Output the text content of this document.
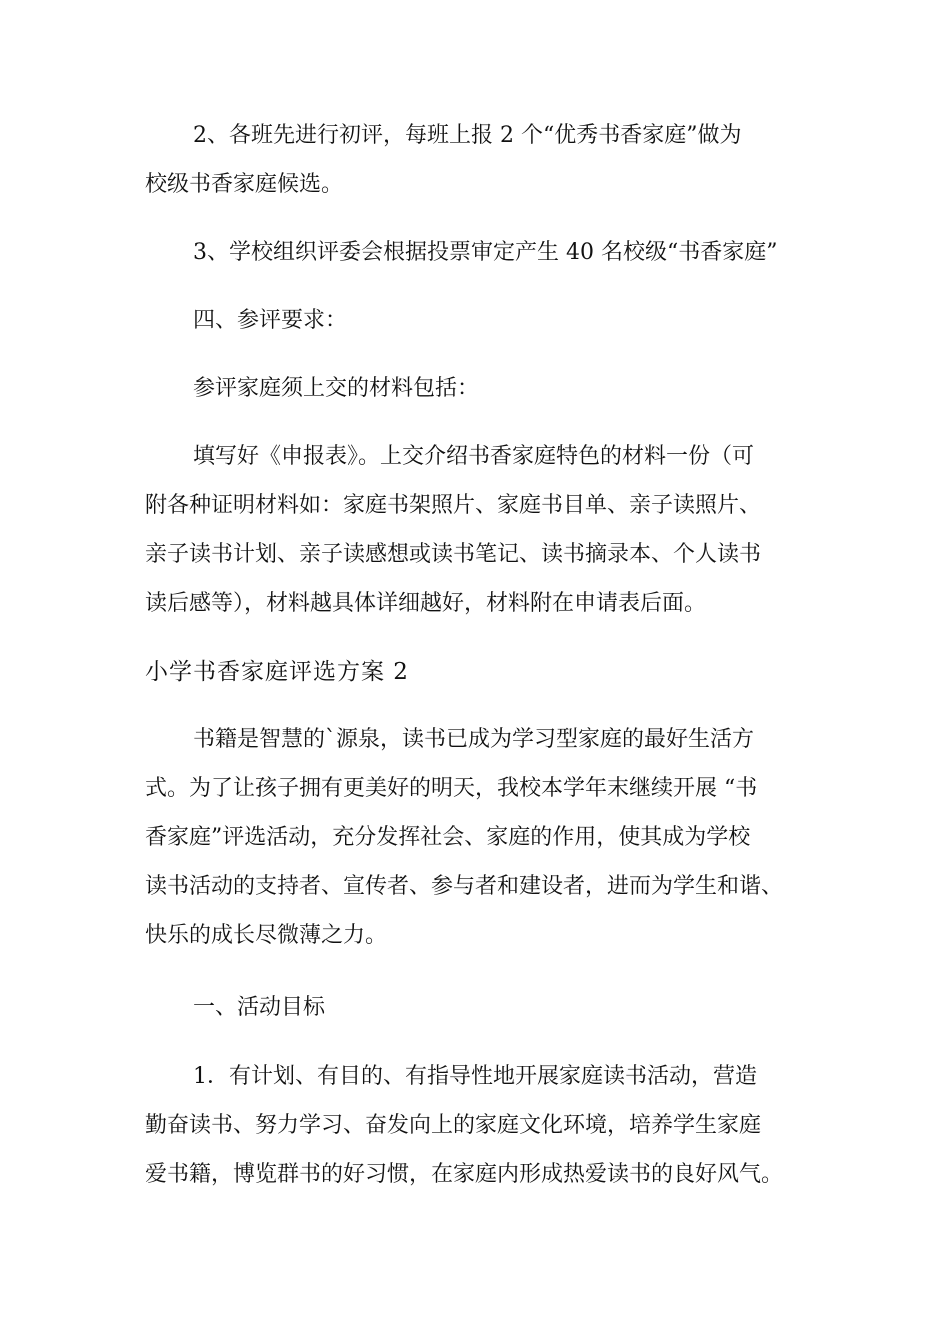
2、各班先进行初评，每班上报 2 个“优秀书香家庭”做为
校级书香家庭候选。
3、学校组织评委会根据投票审定产生 40 名校级“书香家庭”
四、参评要求：
参评家庭须上交的材料包括：
填写好《申报表》。上交介绍书香家庭特色的材料一份（可
附各种证明材料如：家庭书架照片、家庭书目单、亲子读照片、
亲子读书计划、亲子读感想或读书笔记、读书摘录本、个人读书
读后感等），材料越具体详细越好，材料附在申请表后面。
小学书香家庭评选方案 2
书籍是智慧的`源泉，读书已成为学习型家庭的最好生活方
式。为了让孩子拥有更美好的明天，我校本学年末继续开展 “书
香家庭”评选活动，充分发挥社会、家庭的作用，使其成为学校
读书活动的支持者、宣传者、参与者和建设者，进而为学生和谐、
快乐的成长尽微薄之力。
一、活动目标
1．有计划、有目的、有指导性地开展家庭读书活动，营造
勤奋读书、努力学习、奋发向上的家庭文化环境，培养学生家庭
爱书籍，博览群书的好习惯，在家庭内形成热爱读书的良好风气。
